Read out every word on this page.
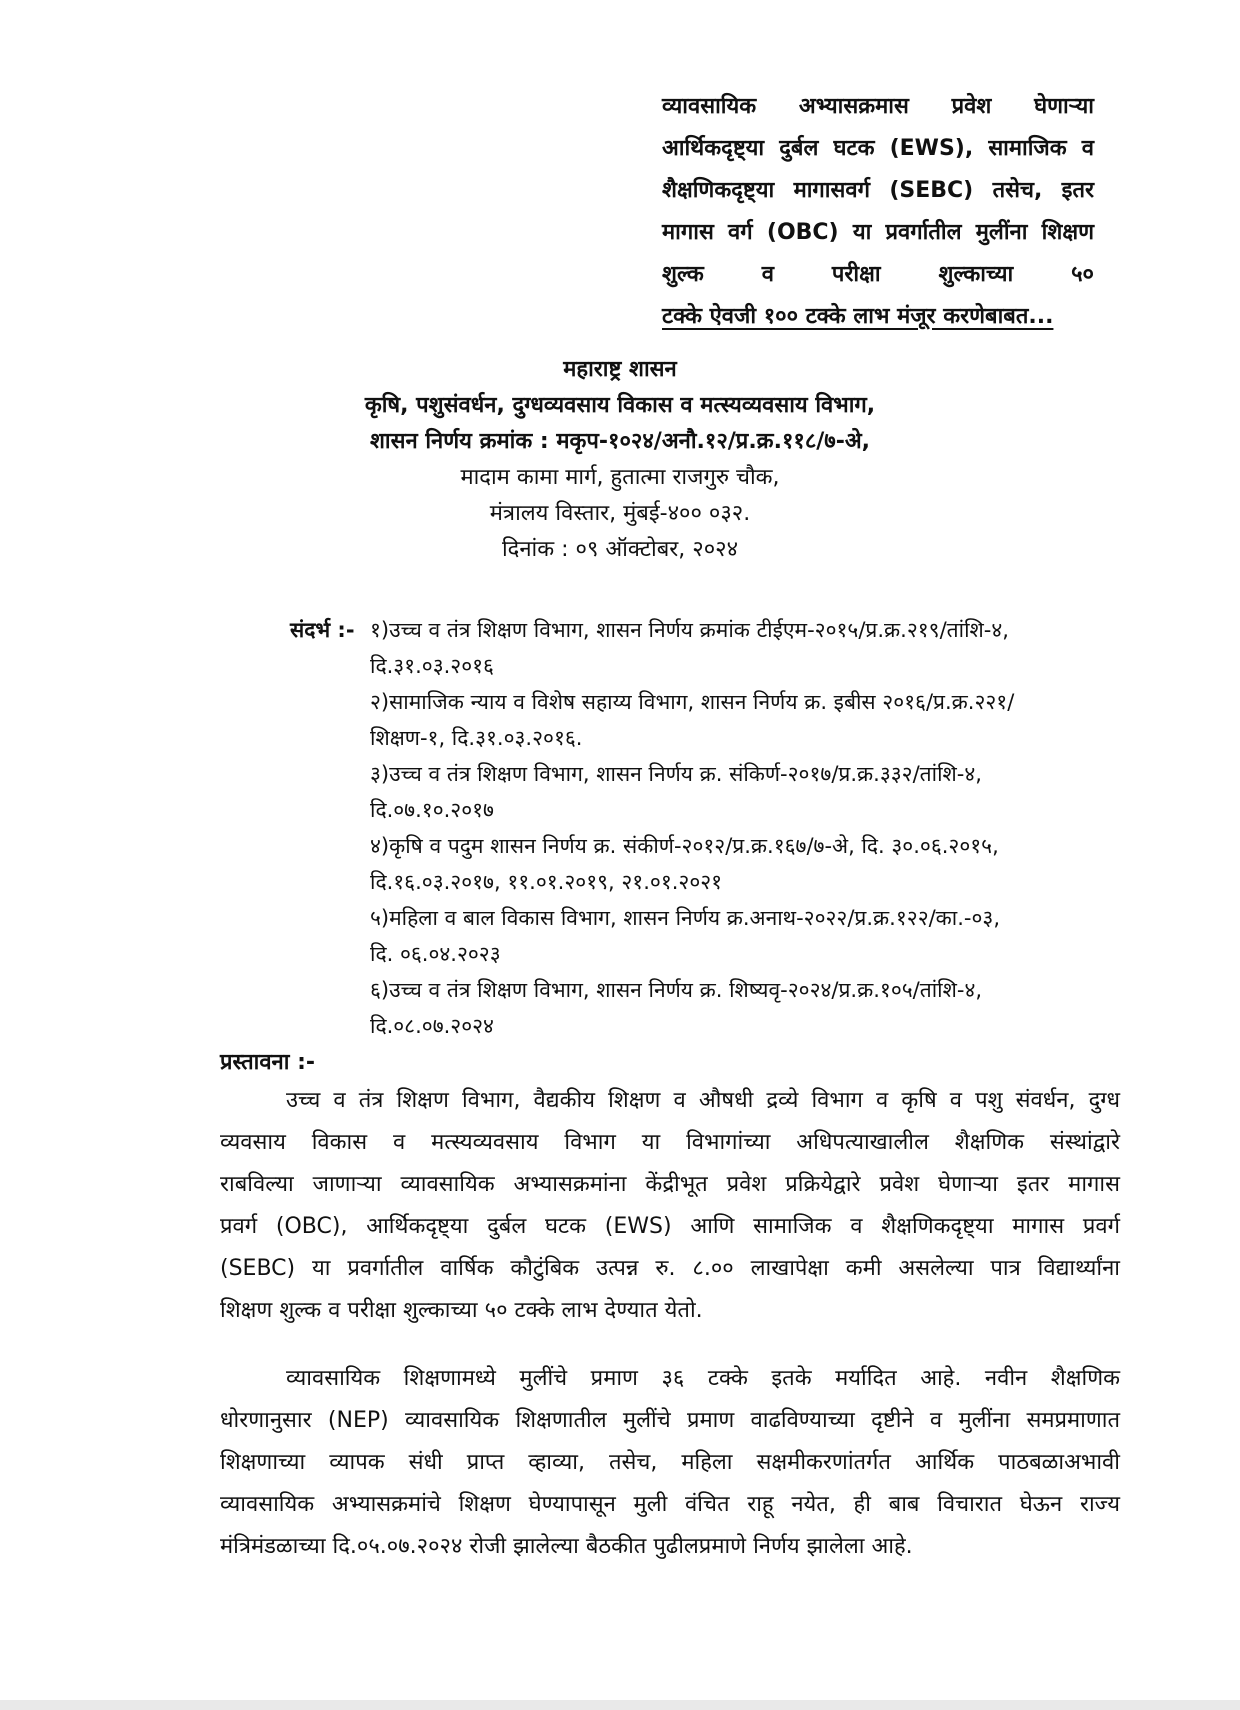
व्यावसायिक अभ्यासक्रमास प्रवेश घेणाऱ्या
आर्थिकदृष्ट्या दुर्बल घटक (EWS), सामाजिक व
शैक्षणिकदृष्ट्या मागासवर्ग (SEBC) तसेच, इतर
मागास वर्ग (OBC) या प्रवर्गातील मुलींना शिक्षण
शुल्क व परीक्षा शुल्काच्या ५०
टक्के ऐवजी १०० टक्के लाभ मंजूर करणेबाबत...
महाराष्ट्र शासन
कृषि, पशुसंवर्धन, दुग्धव्यवसाय विकास व मत्स्यव्यवसाय विभाग,
शासन निर्णय क्रमांक : मकृप-१०२४/अनौ.१२/प्र.क्र.११८/७-अे,
मादाम कामा मार्ग, हुतात्मा राजगुरु चौक,
मंत्रालय विस्तार, मुंबई-४०० ०३२.
दिनांक : ०९ ऑक्टोबर, २०२४
संदर्भ :- १)उच्च व तंत्र शिक्षण विभाग, शासन निर्णय क्रमांक टीईएम-२०१५/प्र.क्र.२१९/तांशि-४,
दि.३१.०३.२०१६
२)सामाजिक न्याय व विशेष सहाय्य विभाग, शासन निर्णय क्र. इबीस २०१६/प्र.क्र.२२१/
शिक्षण-१, दि.३१.०३.२०१६.
३)उच्च व तंत्र शिक्षण विभाग, शासन निर्णय क्र. संकिर्ण-२०१७/प्र.क्र.३३२/तांशि-४,
दि.०७.१०.२०१७
४)कृषि व पदुम शासन निर्णय क्र. संकीर्ण-२०१२/प्र.क्र.१६७/७-अे, दि. ३०.०६.२०१५,
दि.१६.०३.२०१७, ११.०१.२०१९, २१.०१.२०२१
५)महिला व बाल विकास विभाग, शासन निर्णय क्र.अनाथ-२०२२/प्र.क्र.१२२/का.-०३,
दि. ०६.०४.२०२३
६)उच्च व तंत्र शिक्षण विभाग, शासन निर्णय क्र. शिष्यवृ-२०२४/प्र.क्र.१०५/तांशि-४,
दि.०८.०७.२०२४
प्रस्तावना :-
उच्च व तंत्र शिक्षण विभाग, वैद्यकीय शिक्षण व औषधी द्रव्ये विभाग व कृषि व पशु संवर्धन, दुग्ध
व्यवसाय विकास व मत्स्यव्यवसाय विभाग या विभागांच्या अधिपत्याखालील शैक्षणिक संस्थांद्वारे
राबविल्या जाणाऱ्या व्यावसायिक अभ्यासक्रमांना केंद्रीभूत प्रवेश प्रक्रियेद्वारे प्रवेश घेणाऱ्या इतर मागास
प्रवर्ग (OBC), आर्थिकदृष्ट्या दुर्बल घटक (EWS) आणि सामाजिक व शैक्षणिकदृष्ट्या मागास प्रवर्ग
(SEBC) या प्रवर्गातील वार्षिक कौटुंबिक उत्पन्न रु. ८.०० लाखापेक्षा कमी असलेल्या पात्र विद्यार्थ्यांना
शिक्षण शुल्क व परीक्षा शुल्काच्या ५० टक्के लाभ देण्यात येतो.
व्यावसायिक शिक्षणामध्ये मुलींचे प्रमाण ३६ टक्के इतके मर्यादित आहे. नवीन शैक्षणिक
धोरणानुसार (NEP) व्यावसायिक शिक्षणातील मुलींचे प्रमाण वाढविण्याच्या दृष्टीने व मुलींना समप्रमाणात
शिक्षणाच्या व्यापक संधी प्राप्त व्हाव्या, तसेच, महिला सक्षमीकरणांतर्गत आर्थिक पाठबळाअभावी
व्यावसायिक अभ्यासक्रमांचे शिक्षण घेण्यापासून मुली वंचित राहू नयेत, ही बाब विचारात घेऊन राज्य
मंत्रिमंडळाच्या दि.०५.०७.२०२४ रोजी झालेल्या बैठकीत पुढीलप्रमाणे निर्णय झालेला आहे.
